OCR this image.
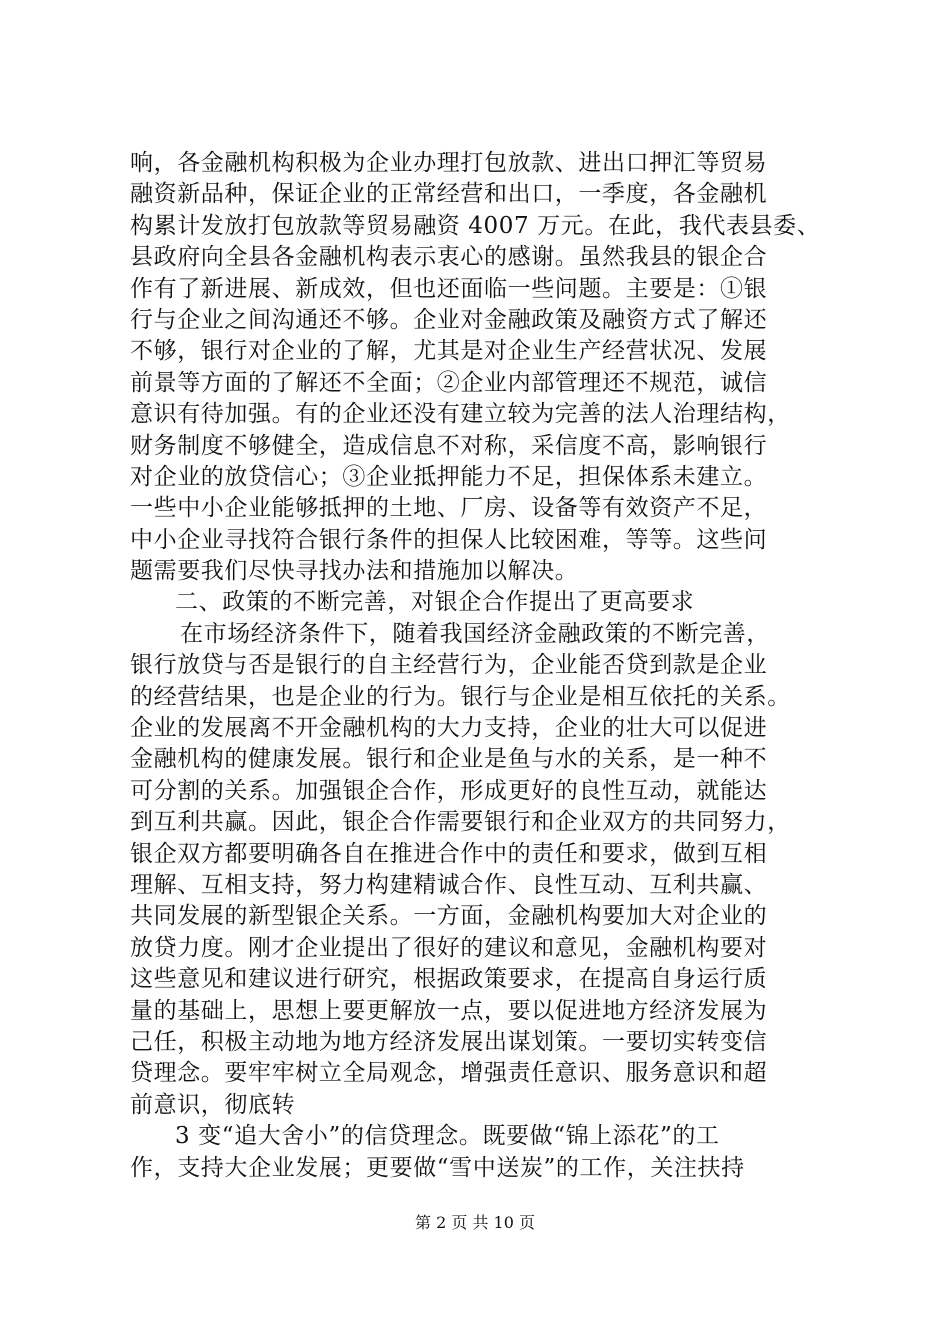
响，各金融机构积极为企业办理打包放款、进出口押汇等贸易
融资新品种，保证企业的正常经营和出口，一季度，各金融机
构累计发放打包放款等贸易融资 4007 万元。在此，我代表县委、
县政府向全县各金融机构表示衷心的感谢。虽然我县的银企合
作有了新进展、新成效，但也还面临一些问题。主要是：①银
行与企业之间沟通还不够。企业对金融政策及融资方式了解还
不够，银行对企业的了解，尤其是对企业生产经营状况、发展
前景等方面的了解还不全面；②企业内部管理还不规范，诚信
意识有待加强。有的企业还没有建立较为完善的法人治理结构，
财务制度不够健全，造成信息不对称，采信度不高，影响银行
对企业的放贷信心；③企业抵押能力不足，担保体系未建立。
一些中小企业能够抵押的土地、厂房、设备等有效资产不足，
中小企业寻找符合银行条件的担保人比较困难，等等。这些问
题需要我们尽快寻找办法和措施加以解决。
二、政策的不断完善，对银企合作提出了更高要求
在市场经济条件下，随着我国经济金融政策的不断完善，
银行放贷与否是银行的自主经营行为，企业能否贷到款是企业
的经营结果，也是企业的行为。银行与企业是相互依托的关系。
企业的发展离不开金融机构的大力支持，企业的壮大可以促进
金融机构的健康发展。银行和企业是鱼与水的关系，是一种不
可分割的关系。加强银企合作，形成更好的良性互动，就能达
到互利共赢。因此，银企合作需要银行和企业双方的共同努力，
银企双方都要明确各自在推进合作中的责任和要求，做到互相
理解、互相支持，努力构建精诚合作、良性互动、互利共赢、
共同发展的新型银企关系。一方面，金融机构要加大对企业的
放贷力度。刚才企业提出了很好的建议和意见，金融机构要对
这些意见和建议进行研究，根据政策要求，在提高自身运行质
量的基础上，思想上要更解放一点，要以促进地方经济发展为
己任，积极主动地为地方经济发展出谋划策。一要切实转变信
贷理念。要牢牢树立全局观念，增强责任意识、服务意识和超
前意识，彻底转
3 变“追大舍小”的信贷理念。既要做“锦上添花”的工
作，支持大企业发展；更要做“雪中送炭”的工作，关注扶持
第 2 页 共 10 页
